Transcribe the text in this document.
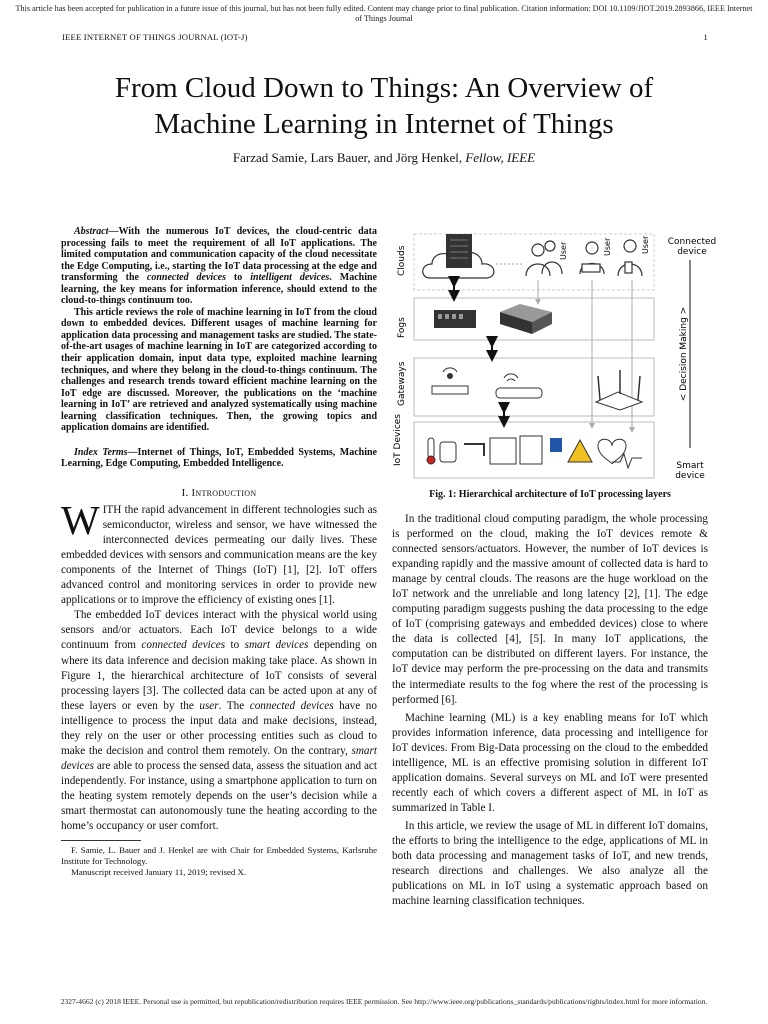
This article has been accepted for publication in a future issue of this journal, but has not been fully edited. Content may change prior to final publication. Citation information: DOI 10.1109/JIOT.2019.2893866, IEEE Internet of Things Journal
IEEE INTERNET OF THINGS JOURNAL (IOT-J)	1
From Cloud Down to Things: An Overview of
Machine Learning in Internet of Things
Farzad Samie, Lars Bauer, and Jörg Henkel, Fellow, IEEE

Abstract—With the numerous IoT devices, the cloud-centric data processing fails to meet the requirement of all IoT applications. The limited computation and communication capacity of the cloud necessitate the Edge Computing, i.e., starting the IoT data processing at the edge and transforming the connected devices to intelligent devices. Machine learning, the key means for information inference, should extend to the cloud-to-things continuum too.

This article reviews the role of machine learning in IoT from the cloud down to embedded devices. Different usages of machine learning for application data processing and management tasks are studied. The state-of-the-art usages of machine learning in IoT are categorized according to their application domain, input data type, exploited machine learning techniques, and where they belong in the cloud-to-things continuum. The challenges and research trends toward efficient machine learning on the IoT edge are discussed. Moreover, the publications on the ‘machine learning in IoT’ are retrieved and analyzed systematically using machine learning classification techniques. Then, the growing topics and application domains are identified.

Index Terms—Internet of Things, IoT, Embedded Systems, Machine Learning, Edge Computing, Embedded Intelligence.

I. Introduction

WITH the rapid advancement in different technologies such as semiconductor, wireless and sensor, we have witnessed the interconnected devices permeating our daily lives. These embedded devices with sensors and communication means are the key components of the Internet of Things (IoT) [1], [2]. IoT offers advanced control and monitoring services in order to provide new applications or to improve the efficiency of existing ones [1].

The embedded IoT devices interact with the physical world using sensors and/or actuators. Each IoT device belongs to a wide continuum from connected devices to smart devices depending on where its data inference and decision making take place. As shown in Figure 1, the hierarchical architecture of IoT consists of several processing layers [3]. The collected data can be acted upon at any of these layers or even by the user. The connected devices have no intelligence to process the input data and make decisions, instead, they rely on the user or other processing entities such as cloud to make the decision and control them remotely. On the contrary, smart devices are able to process the sensed data, assess the situation and act independently. For instance, using a smartphone application to turn on the heating system remotely depends on the user’s decision while a smart thermostat can autonomously tune the heating according to the home’s occupancy or user comfort.

F. Samie, L. Bauer and J. Henkel are with Chair for Embedded Systems, Karlsruhe Institute for Technology.

Manuscript received January 11, 2019; revised X.

Clouds
Fogs
Gateways
IoT Devices
User	User	User Connected
device
< Decision Making >
Smart
device
Fig. 1: Hierarchical architecture of IoT processing layers

In the traditional cloud computing paradigm, the whole processing is performed on the cloud, making the IoT devices remote & connected sensors/actuators. However, the number of IoT devices is expanding rapidly and the massive amount of collected data is hard to manage by central clouds. The reasons are the huge workload on the IoT network and the unreliable and long latency [2], [1]. The edge computing paradigm suggests pushing the data processing to the edge of IoT (comprising gateways and embedded devices) close to where the data is collected [4], [5]. In many IoT applications, the computation can be distributed on different layers. For instance, the IoT device may perform the pre-processing on the data and transmits the intermediate results to the fog where the rest of the processing is performed [6].

Machine learning (ML) is a key enabling means for IoT which provides information inference, data processing and intelligence for IoT devices. From Big-Data processing on the cloud to the embedded intelligence, ML is an effective promising solution in different IoT application domains. Several surveys on ML and IoT were presented recently each of which covers a different aspect of ML in IoT as summarized in Table I.

In this article, we review the usage of ML in different IoT domains, the efforts to bring the intelligence to the edge, applications of ML in both data processing and management tasks of IoT, and new trends, research directions and challenges. We also analyze all the publications on ML in IoT using a systematic approach based on machine learning classification techniques.

2327-4662 (c) 2018 IEEE. Personal use is permitted, but republication/redistribution requires IEEE permission. See http://www.ieee.org/publications_standards/publications/rights/index.html for more information.
